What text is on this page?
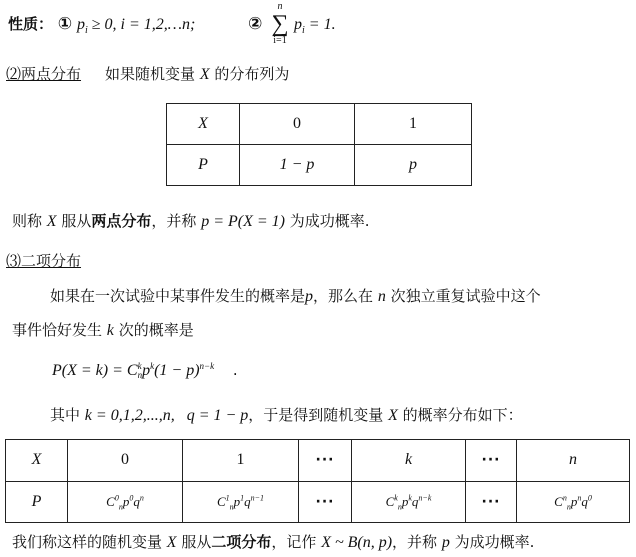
性质： ① $p_i \ge 0$, i = 1,2,…n;	②
n
∑
i=1
$p_i = 1$.
⑵两点分布 如果随机变量 X 的分布列为
X	0	1
P	1 − p	p
则称 X 服从两点分布，并称 p = P(X = 1) 为成功概率.
⑶二项分布
如果在一次试验中某事件发生的概率是p，那么在 n 次独立重复试验中这个
事件恰好发生 k 次的概率是
P(X = k) = C k
n $p^k(1 - p)^{n-k}$ .
其中 k = 0,1,2,...,n,   q = 1 − p，于是得到随机变量 X 的概率分布如下：
X	0	1	···	k	···	n
P	$C^0_np^0q^n$	$C^1_np^1q^{n-1}$	···	$C^k_np^kq^{n-k}$	···	$C^n_np^nq^0$
我们称这样的随机变量 X 服从二项分布，记作 X ~ B(n, p)，并称 p 为成功概率.
